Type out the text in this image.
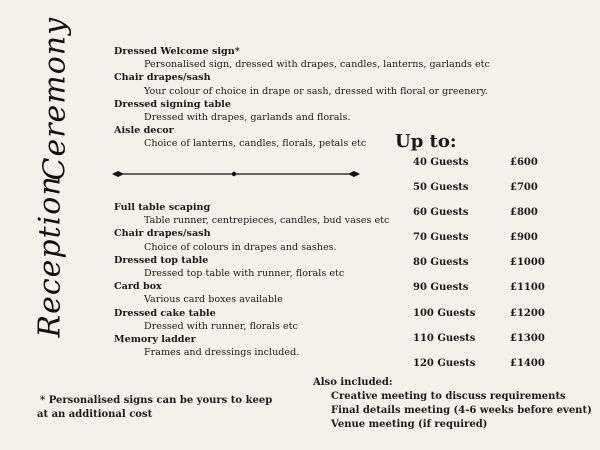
Ceremony
Reception
Dressed Welcome sign*
Personalised sign, dressed with drapes, candles, lanterns, garlands etc
Chair drapes/sash
Your colour of choice in drape or sash, dressed with floral or greenery.
Dressed signing table
Dressed with drapes, garlands and florals.
Aisle decor
Choice of lanterns, candles, florals, petals etc
Full table scaping
Table runner, centrepieces, candles, bud vases etc
Chair drapes/sash
Choice of colours in drapes and sashes.
Dressed top table
Dressed top table with runner, florals etc
Card box
Various card boxes available
Dressed cake table
Dressed with runner, florals etc
Memory ladder
Frames and dressings included.
Up to:
40 Guests	£600
50 Guests	£700
60 Guests	£800
70 Guests	£900
80 Guests	£1000
90 Guests	£1100
100 Guests	£1200
110 Guests	£1300
120 Guests	£1400
* Personalised signs can be yours to keep
at an additional cost
Also included:
Creative meeting to discuss requirements
Final details meeting (4-6 weeks before event)
Venue meeting (if required)
